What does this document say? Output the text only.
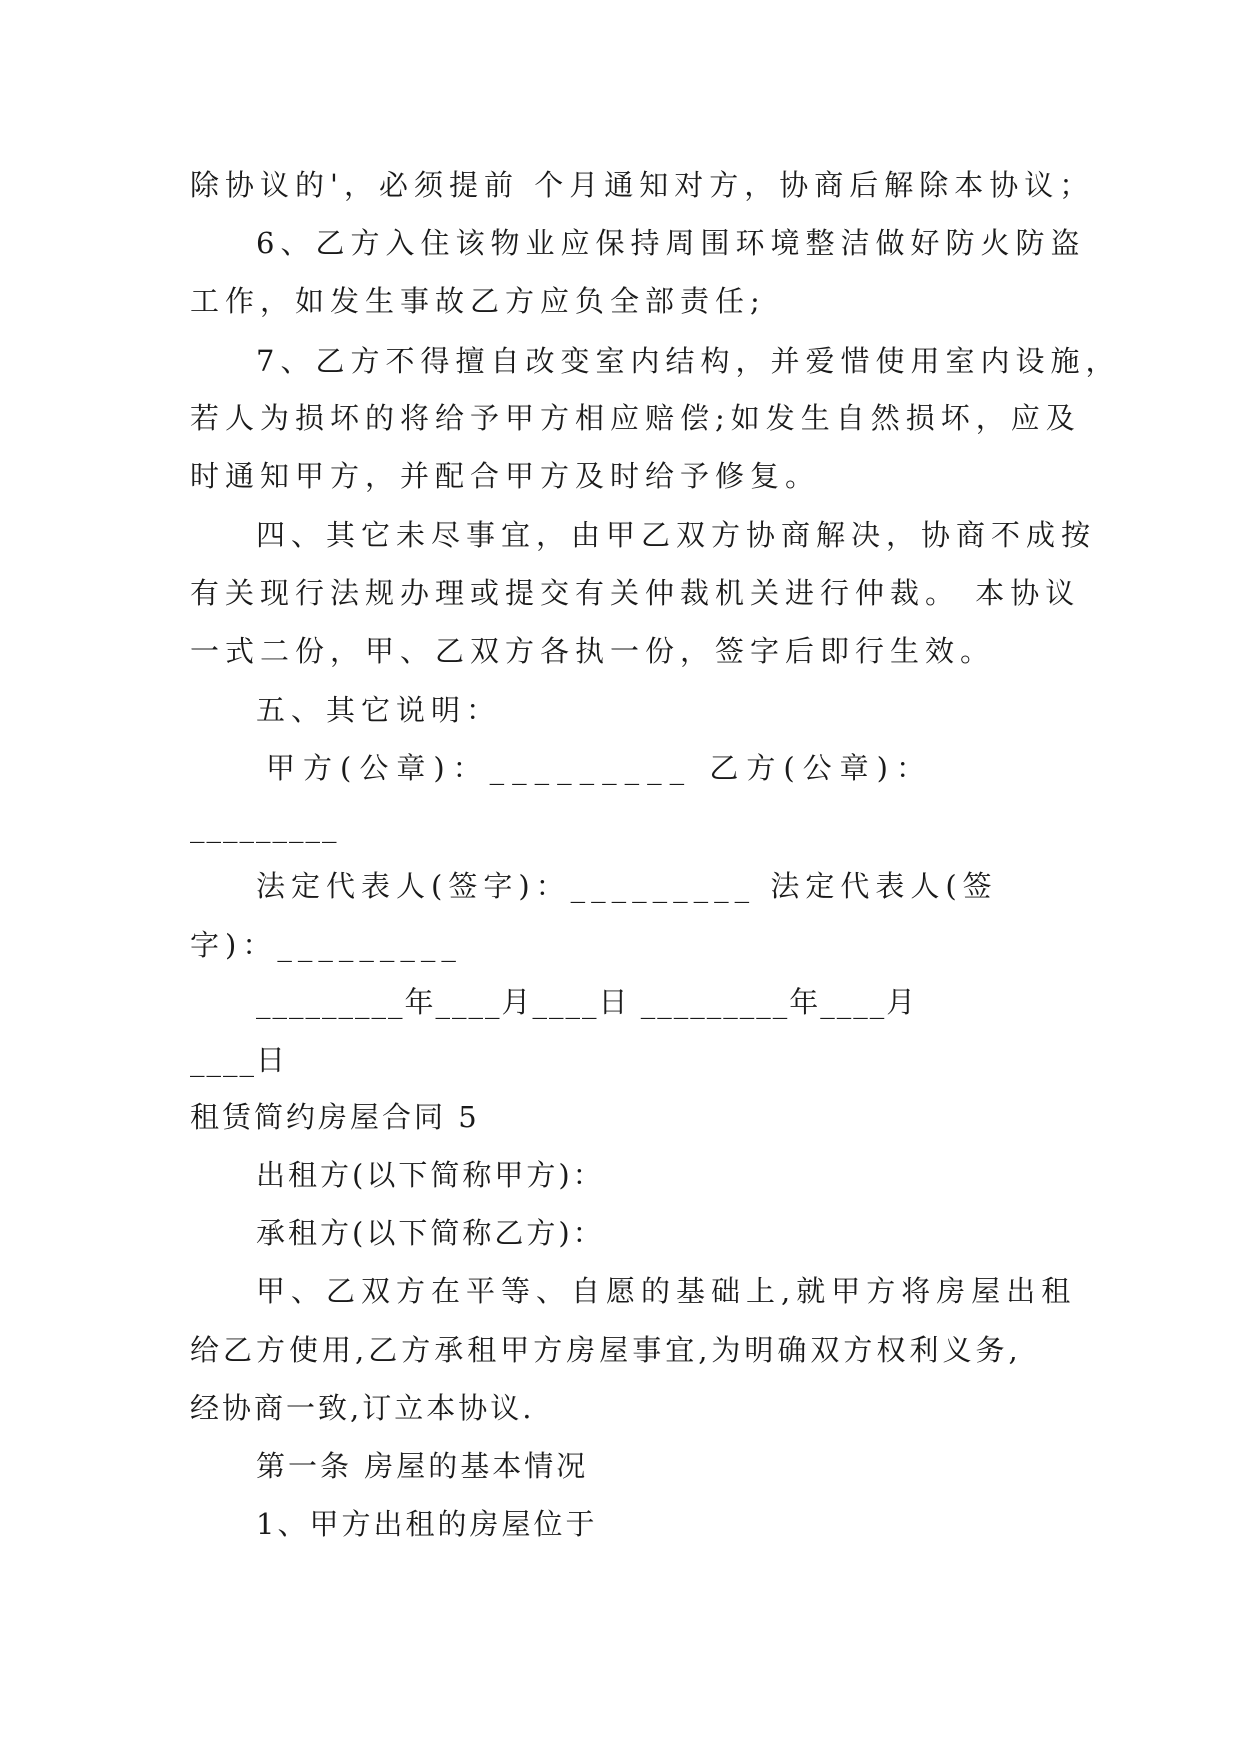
除协议的'，必须提前 个月通知对方，协商后解除本协议；
6、乙方入住该物业应保持周围环境整洁做好防火防盗
工作，如发生事故乙方应负全部责任;
7、乙方不得擅自改变室内结构，并爱惜使用室内设施，
若人为损坏的将给予甲方相应赔偿;如发生自然损坏，应及
时通知甲方，并配合甲方及时给予修复。
四、其它未尽事宜，由甲乙双方协商解决，协商不成按
有关现行法规办理或提交有关仲裁机关进行仲裁。 本协议
一式二份，甲、乙双方各执一份，签字后即行生效。
五、其它说明：
甲方(公章)：_________ 乙方(公章)：
_________
法定代表人(签字)：_________ 法定代表人(签
字)：_________
_________年____月____日 _________年____月
____日
租赁简约房屋合同 5
出租方(以下简称甲方)：
承租方(以下简称乙方)：
甲、乙双方在平等、自愿的基础上,就甲方将房屋出租
给乙方使用,乙方承租甲方房屋事宜,为明确双方权利义务,
经协商一致,订立本协议.
第一条 房屋的基本情况
1、甲方出租的房屋位于
